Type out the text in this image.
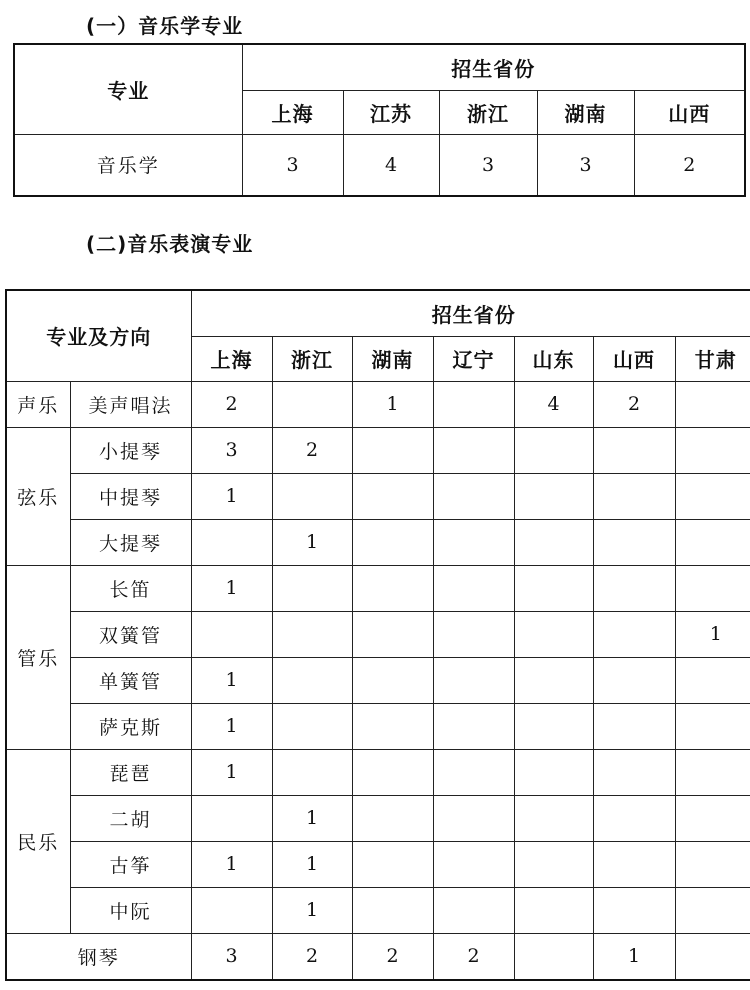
(一）音乐学专业
专业	招生省份				
	上海	江苏	浙江	湖南	山西
音乐学	3	4	3	3	2
(二)音乐表演专业
专业及方向		招生省份						
		上海	浙江	湖南	辽宁	山东	山西	甘肃
声乐	美声唱法	2		1		4	2	
弦乐	小提琴	3	2					
	中提琴	1						
	大提琴		1					
管乐	长笛	1						
	双簧管							1
	单簧管	1						
	萨克斯	1						
民乐	琵琶	1						
	二胡		1					
	古筝	1	1					
	中阮		1					
钢琴		3	2	2	2		1	
